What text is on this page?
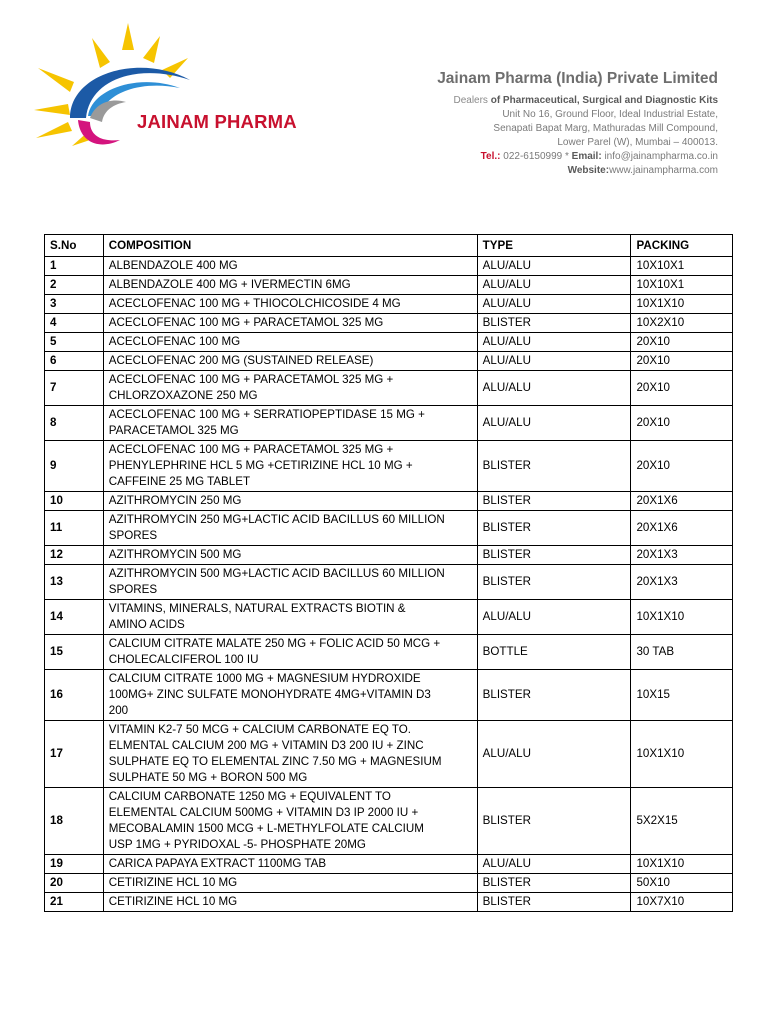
JAINAM PHARMA
Jainam Pharma (India) Private Limited
Dealers of Pharmaceutical, Surgical and Diagnostic Kits
Unit No 16, Ground Floor, Ideal Industrial Estate,
Senapati Bapat Marg, Mathuradas Mill Compound,
Lower Parel (W), Mumbai – 400013.
Tel.: 022-6150999 * Email: info@jainampharma.co.in
Website:www.jainampharma.com
S.No	COMPOSITION	TYPE	PACKING
1	ALBENDAZOLE 400 MG	ALU/ALU	10X10X1
2	ALBENDAZOLE 400 MG + IVERMECTIN 6MG	ALU/ALU	10X10X1
3	ACECLOFENAC 100 MG + THIOCOLCHICOSIDE 4 MG	ALU/ALU	10X1X10
4	ACECLOFENAC 100 MG + PARACETAMOL 325 MG	BLISTER	10X2X10
5	ACECLOFENAC 100 MG	ALU/ALU	20X10
6	ACECLOFENAC 200 MG (SUSTAINED RELEASE)	ALU/ALU	20X10
7	ACECLOFENAC 100 MG + PARACETAMOL 325 MG +
CHLORZOXAZONE 250 MG	ALU/ALU	20X10
8	ACECLOFENAC 100 MG + SERRATIOPEPTIDASE 15 MG +
PARACETAMOL 325 MG	ALU/ALU	20X10
9	ACECLOFENAC 100 MG + PARACETAMOL 325 MG +
PHENYLEPHRINE HCL 5 MG +CETIRIZINE HCL 10 MG +
CAFFEINE 25 MG TABLET	BLISTER	20X10
10	AZITHROMYCIN 250 MG	BLISTER	20X1X6
11	AZITHROMYCIN 250 MG+LACTIC ACID BACILLUS 60 MILLION
SPORES	BLISTER	20X1X6
12	AZITHROMYCIN 500 MG	BLISTER	20X1X3
13	AZITHROMYCIN 500 MG+LACTIC ACID BACILLUS 60 MILLION
SPORES	BLISTER	20X1X3
14	VITAMINS, MINERALS, NATURAL EXTRACTS BIOTIN &
AMINO ACIDS	ALU/ALU	10X1X10
15	CALCIUM CITRATE MALATE 250 MG + FOLIC ACID 50 MCG +
CHOLECALCIFEROL 100 IU	BOTTLE	30 TAB
16	CALCIUM CITRATE 1000 MG + MAGNESIUM HYDROXIDE
100MG+ ZINC SULFATE MONOHYDRATE 4MG+VITAMIN D3
200	BLISTER	10X15
17	VITAMIN K2-7 50 MCG + CALCIUM CARBONATE EQ TO.
ELMENTAL CALCIUM 200 MG + VITAMIN D3 200 IU + ZINC
SULPHATE EQ TO ELEMENTAL ZINC 7.50 MG + MAGNESIUM
SULPHATE 50 MG + BORON 500 MG	ALU/ALU	10X1X10
18	CALCIUM CARBONATE 1250 MG + EQUIVALENT TO
ELEMENTAL CALCIUM 500MG + VITAMIN D3 IP 2000 IU +
MECOBALAMIN 1500 MCG + L-METHYLFOLATE CALCIUM
USP 1MG + PYRIDOXAL -5- PHOSPHATE 20MG	BLISTER	5X2X15
19	CARICA PAPAYA EXTRACT 1100MG TAB	ALU/ALU	10X1X10
20	CETIRIZINE HCL 10 MG	BLISTER	50X10
21	CETIRIZINE HCL 10 MG	BLISTER	10X7X10
